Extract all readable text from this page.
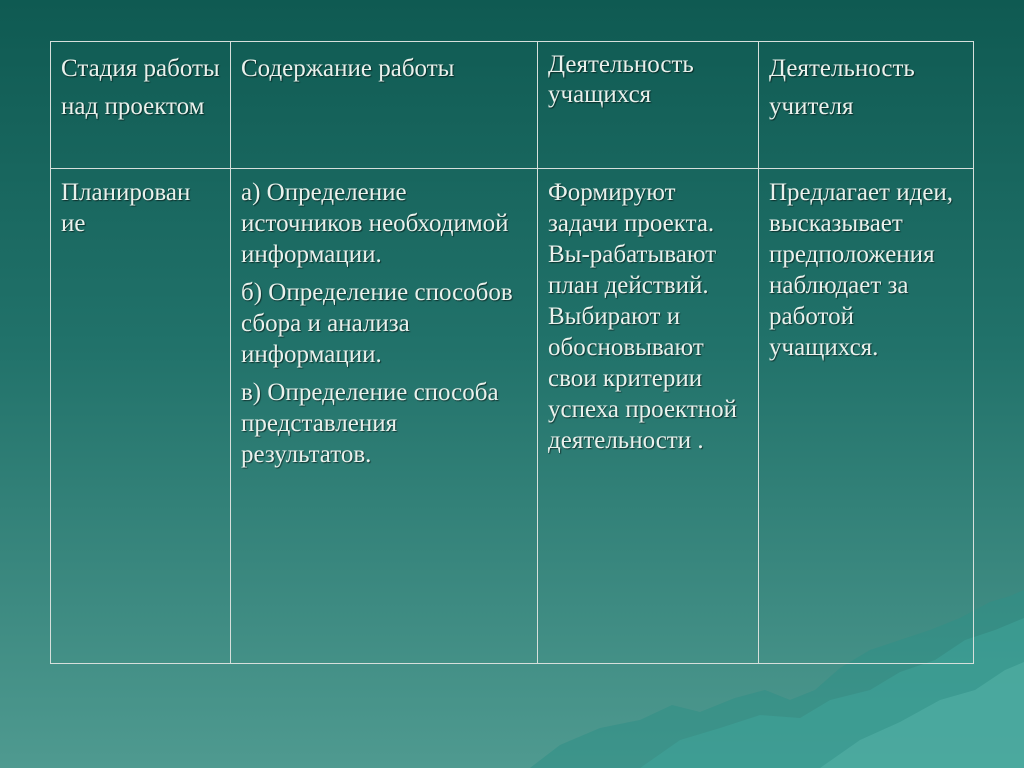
Стадия работы над проектом	Содержание работы	Деятельность учащихся	Деятельность учителя
Планирован ие	а) Определение источников необходимой информации.

б) Определение способов сбора и анализа информации.

в) Определение способа представления результатов.	Формируют задачи проекта. Вы-рабатывают план действий. Выбирают и обосновывают свои критерии успеха проектной деятельности .	Предлагает идеи, высказывает предположения наблюдает за работой учащихся.
